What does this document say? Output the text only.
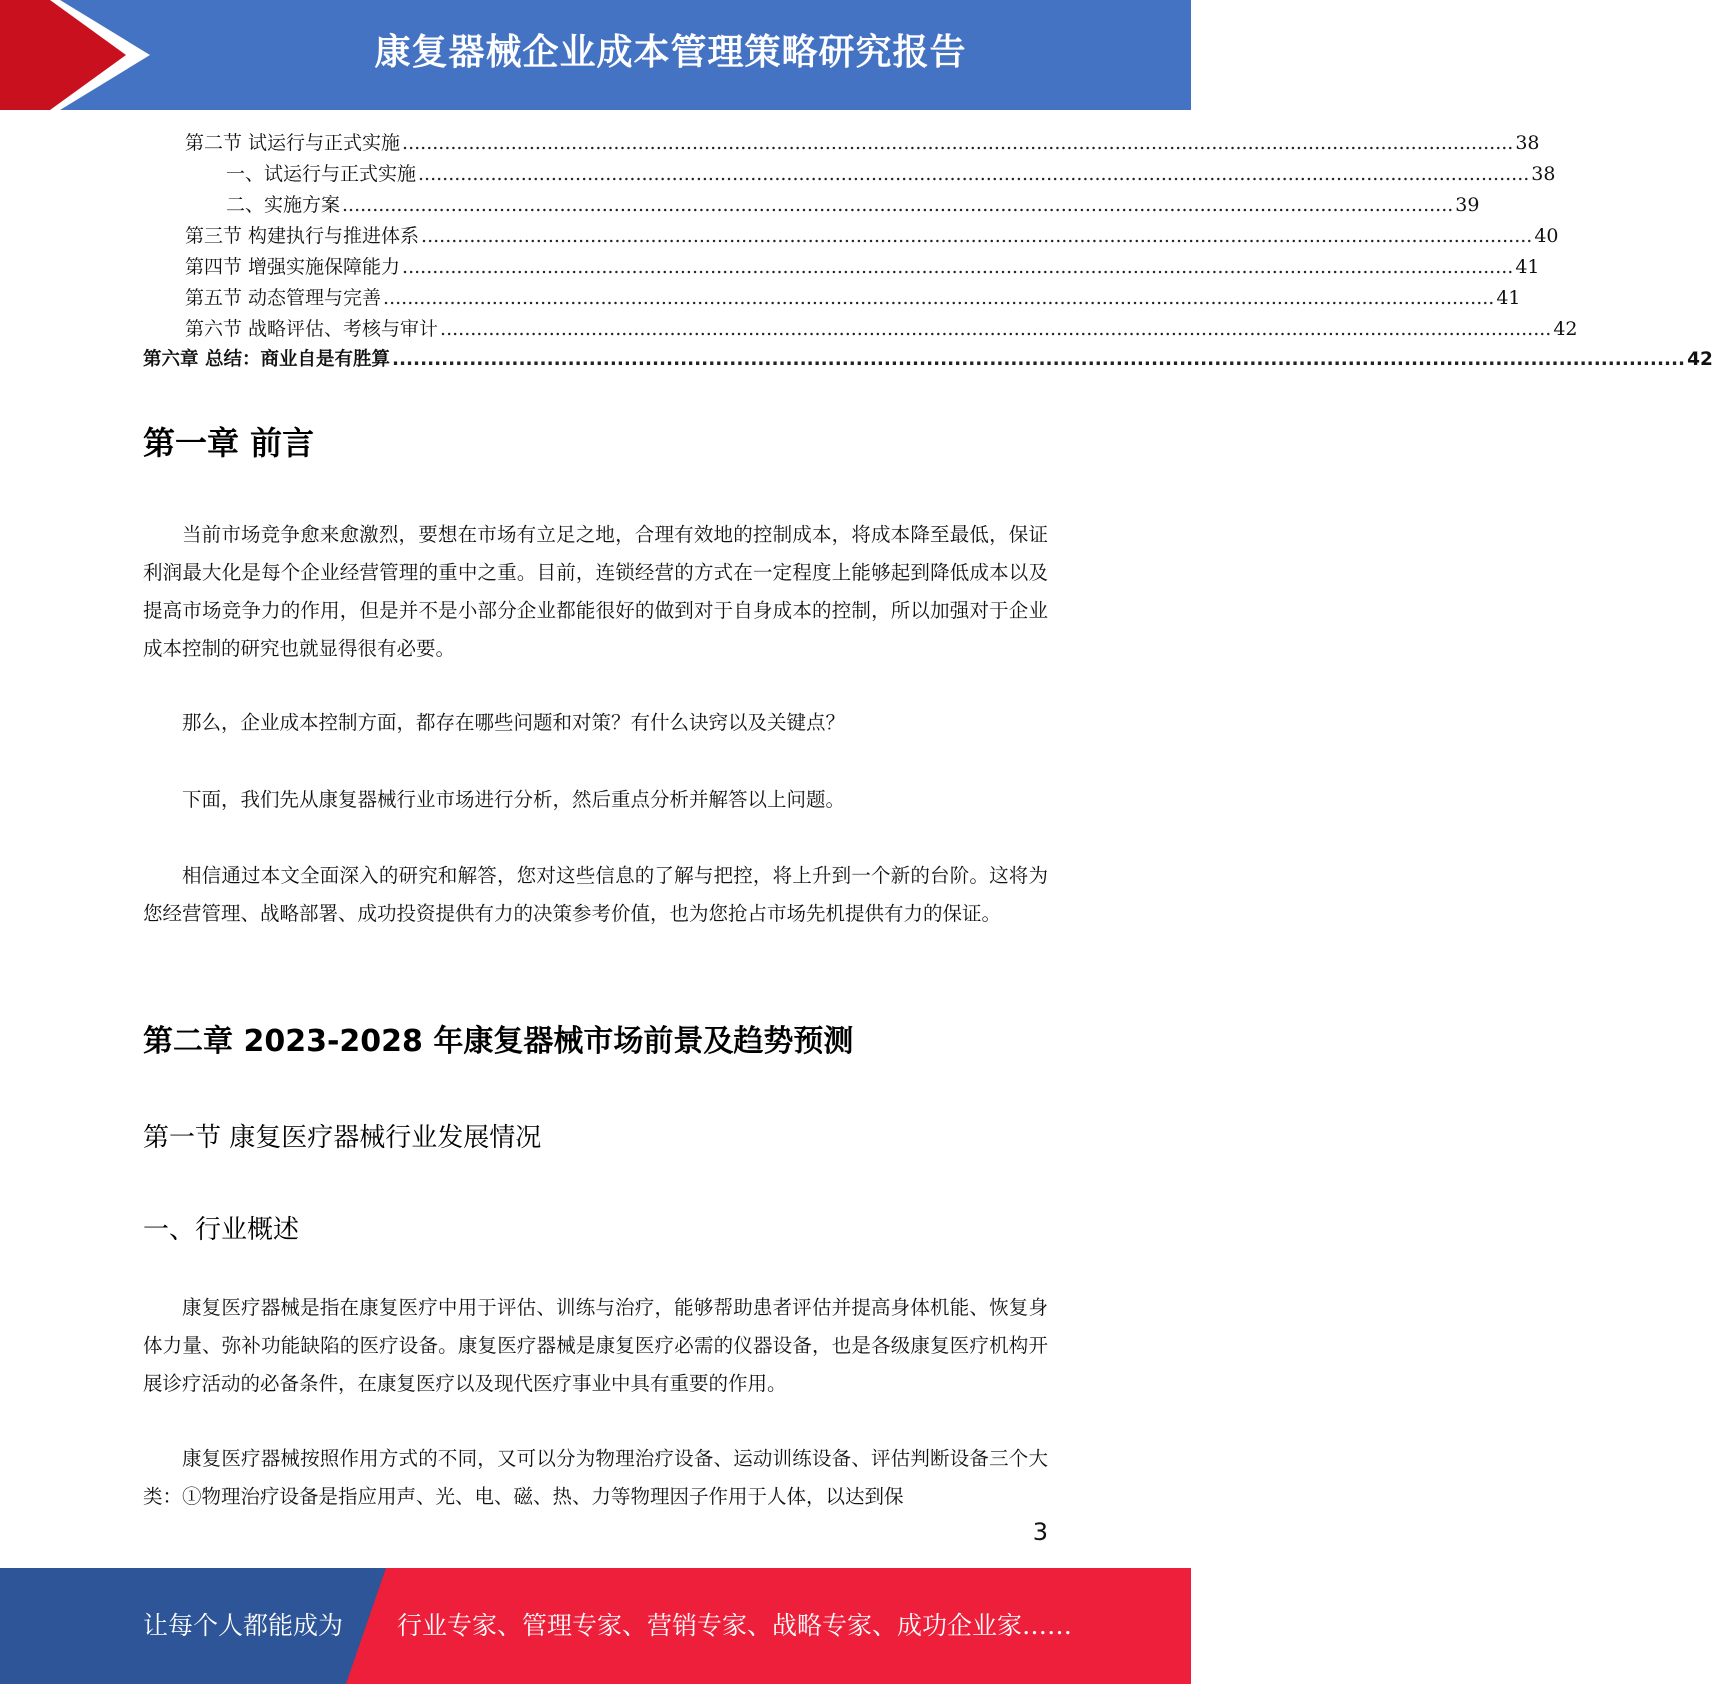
康复器械企业成本管理策略研究报告
第二节 试运行与正式实施 ........................................................................................................................................................................................ 38
一、试运行与正式实施 ........................................................................................................................................................................................ 38
二、实施方案 ........................................................................................................................................................................................ 39
第三节 构建执行与推进体系 ........................................................................................................................................................................................ 40
第四节 增强实施保障能力 ........................................................................................................................................................................................ 41
第五节 动态管理与完善 ........................................................................................................................................................................................ 41
第六节 战略评估、考核与审计 ........................................................................................................................................................................................ 42
第六章 总结：商业自是有胜算 ........................................................................................................................................................................................ 42
第一章 前言

当前市场竞争愈来愈激烈，要想在市场有立足之地，合理有效地的控制成本，将成本降至最低，保证利润最大化是每个企业经营管理的重中之重。目前，连锁经营的方式在一定程度上能够起到降低成本以及提高市场竞争力的作用，但是并不是小部分企业都能很好的做到对于自身成本的控制，所以加强对于企业成本控制的研究也就显得很有必要。

那么，企业成本控制方面，都存在哪些问题和对策？有什么诀窍以及关键点？

下面，我们先从康复器械行业市场进行分析，然后重点分析并解答以上问题。

相信通过本文全面深入的研究和解答，您对这些信息的了解与把控，将上升到一个新的台阶。这将为您经营管理、战略部署、成功投资提供有力的决策参考价值，也为您抢占市场先机提供有力的保证。

第二章 2023-2028 年康复器械市场前景及趋势预测
第一节 康复医疗器械行业发展情况
一、行业概述

康复医疗器械是指在康复医疗中用于评估、训练与治疗，能够帮助患者评估并提高身体机能、恢复身体力量、弥补功能缺陷的医疗设备。康复医疗器械是康复医疗必需的仪器设备，也是各级康复医疗机构开展诊疗活动的必备条件，在康复医疗以及现代医疗事业中具有重要的作用。

康复医疗器械按照作用方式的不同，又可以分为物理治疗设备、运动训练设备、评估判断设备三个大类：①物理治疗设备是指应用声、光、电、磁、热、力等物理因子作用于人体，以达到保

3
让每个人都能成为 行业专家、管理专家、营销专家、战略专家、成功企业家……
